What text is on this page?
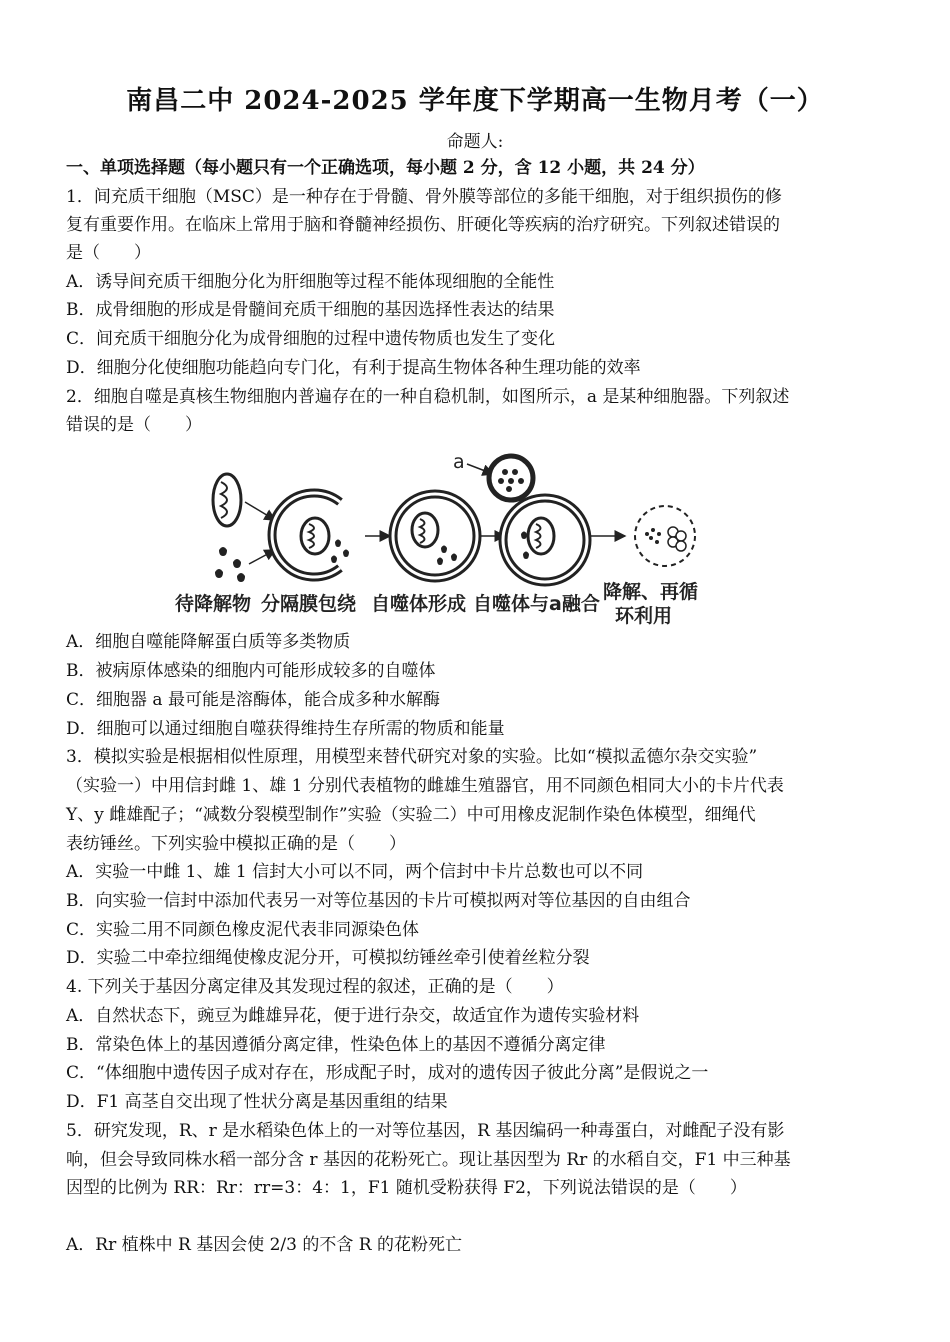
南昌二中 2024-2025 学年度下学期高一生物月考（一）
命题人:
一、单项选择题（每小题只有一个正确选项，每小题 2 分，含 12 小题，共 24 分）
1．间充质干细胞（MSC）是一种存在于骨髓、骨外膜等部位的多能干细胞，对于组织损伤的修
复有重要作用。在临床上常用于脑和脊髓神经损伤、肝硬化等疾病的治疗研究。下列叙述错误的
是（　　）
A．诱导间充质干细胞分化为肝细胞等过程不能体现细胞的全能性
B．成骨细胞的形成是骨髓间充质干细胞的基因选择性表达的结果
C．间充质干细胞分化为成骨细胞的过程中遗传物质也发生了变化
D．细胞分化使细胞功能趋向专门化，有利于提高生物体各种生理功能的效率
2．细胞自噬是真核生物细胞内普遍存在的一种自稳机制，如图所示，a 是某种细胞器。下列叙述
错误的是（　　）
a
待降解物 分隔膜包绕 自噬体形成 自噬体与a融合
降解、再循
环利用
A．细胞自噬能降解蛋白质等多类物质
B．被病原体感染的细胞内可能形成较多的自噬体
C．细胞器 a 最可能是溶酶体，能合成多种水解酶
D．细胞可以通过细胞自噬获得维持生存所需的物质和能量
3．模拟实验是根据相似性原理，用模型来替代研究对象的实验。比如“模拟孟德尔杂交实验”
（实验一）中用信封雌 1、雄 1 分别代表植物的雌雄生殖器官，用不同颜色相同大小的卡片代表
Y、y 雌雄配子；“减数分裂模型制作”实验（实验二）中可用橡皮泥制作染色体模型，细绳代
表纺锤丝。下列实验中模拟正确的是（　　）
A．实验一中雌 1、雄 1 信封大小可以不同，两个信封中卡片总数也可以不同
B．向实验一信封中添加代表另一对等位基因的卡片可模拟两对等位基因的自由组合
C．实验二用不同颜色橡皮泥代表非同源染色体
D．实验二中牵拉细绳使橡皮泥分开，可模拟纺锤丝牵引使着丝粒分裂
4. 下列关于基因分离定律及其发现过程的叙述，正确的是（　　）
A．自然状态下，豌豆为雌雄异花，便于进行杂交，故适宜作为遗传实验材料
B．常染色体上的基因遵循分离定律，性染色体上的基因不遵循分离定律
C．“体细胞中遗传因子成对存在，形成配子时，成对的遗传因子彼此分离”是假说之一
D．F1 高茎自交出现了性状分离是基因重组的结果
5．研究发现，R、r 是水稻染色体上的一对等位基因，R 基因编码一种毒蛋白，对雌配子没有影
响，但会导致同株水稻一部分含 r 基因的花粉死亡。现让基因型为 Rr 的水稻自交，F1 中三种基
因型的比例为 RR：Rr：rr=3：4：1，F1 随机受粉获得 F2，下列说法错误的是（　　）
A．Rr 植株中 R 基因会使 2/3 的不含 R 的花粉死亡
